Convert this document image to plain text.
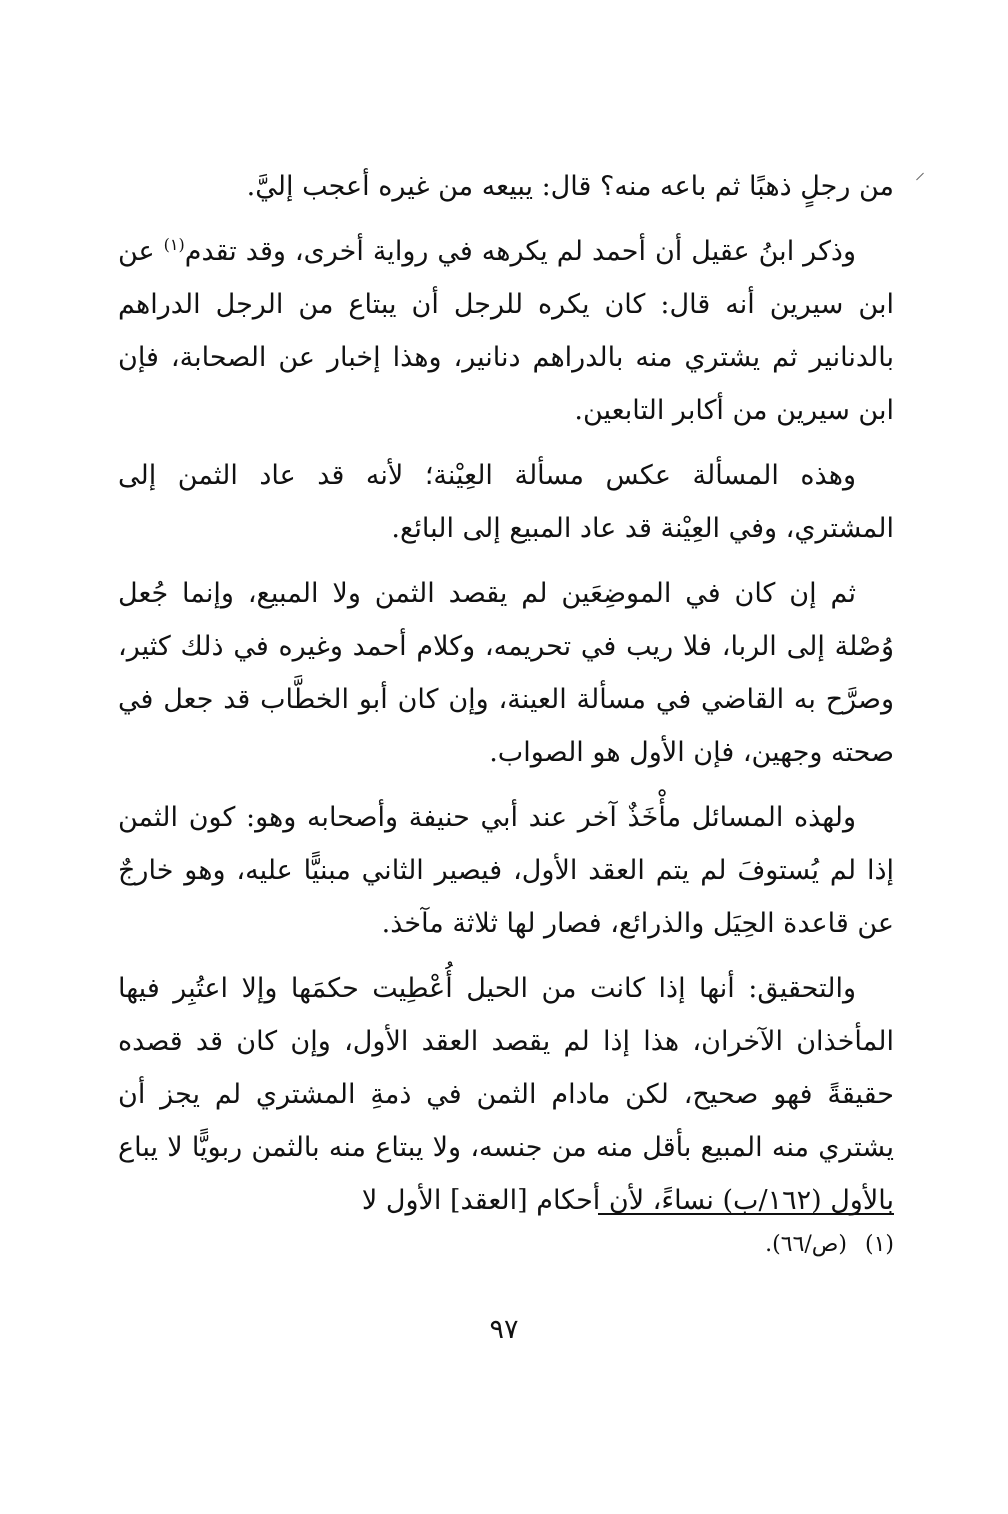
من رجلٍ ذهبًا ثم باعه منه؟ قال: يبيعه من غيره أعجب إليَّ.

وذكر ابنُ عقيل أن أحمد لم يكرهه في رواية أخرى، وقد تقدم$^{(١)}$ عن ابن سيرين أنه قال: كان يكره للرجل أن يبتاع من الرجل الدراهم بالدنانير ثم يشتري منه بالدراهم دنانير، وهذا إخبار عن الصحابة، فإن ابن سيرين من أكابر التابعين.

وهذه المسألة عكس مسألة العِيْنة؛ لأنه قد عاد الثمن إلى المشتري، وفي العِيْنة قد عاد المبيع إلى البائع.

ثم إن كان في الموضِعَين لم يقصد الثمن ولا المبيع، وإنما جُعل وُصْلة إلى الربا، فلا ريب في تحريمه، وكلام أحمد وغيره في ذلك كثير، وصرَّح به القاضي في مسألة العينة، وإن كان أبو الخطَّاب قد جعل في صحته وجهين، فإن الأول هو الصواب.

ولهذه المسائل مأْخَذٌ آخر عند أبي حنيفة وأصحابه وهو: كون الثمن إذا لم يُستوفَ لم يتم العقد الأول، فيصير الثاني مبنيًّا عليه، وهو خارجٌ عن قاعدة الحِيَل والذرائع، فصار لها ثلاثة مآخذ.

والتحقيق: أنها إذا كانت من الحيل أُعْطِيت حكمَها وإلا اعتُبِر فيها المأخذان الآخران، هذا إذا لم يقصد العقد الأول، وإن كان قد قصده حقيقةً فهو صحيح، لكن مادام الثمن في ذمةِ المشتري لم يجز أن يشتري منه المبيع بأقل منه من جنسه، ولا يبتاع منه بالثمن ربويًّا لا يباع بالأول (١٦٢/ب) نساءً، لأن أحكام [العقد] الأول لا

(١)(ص/٦٦).
٩٧
